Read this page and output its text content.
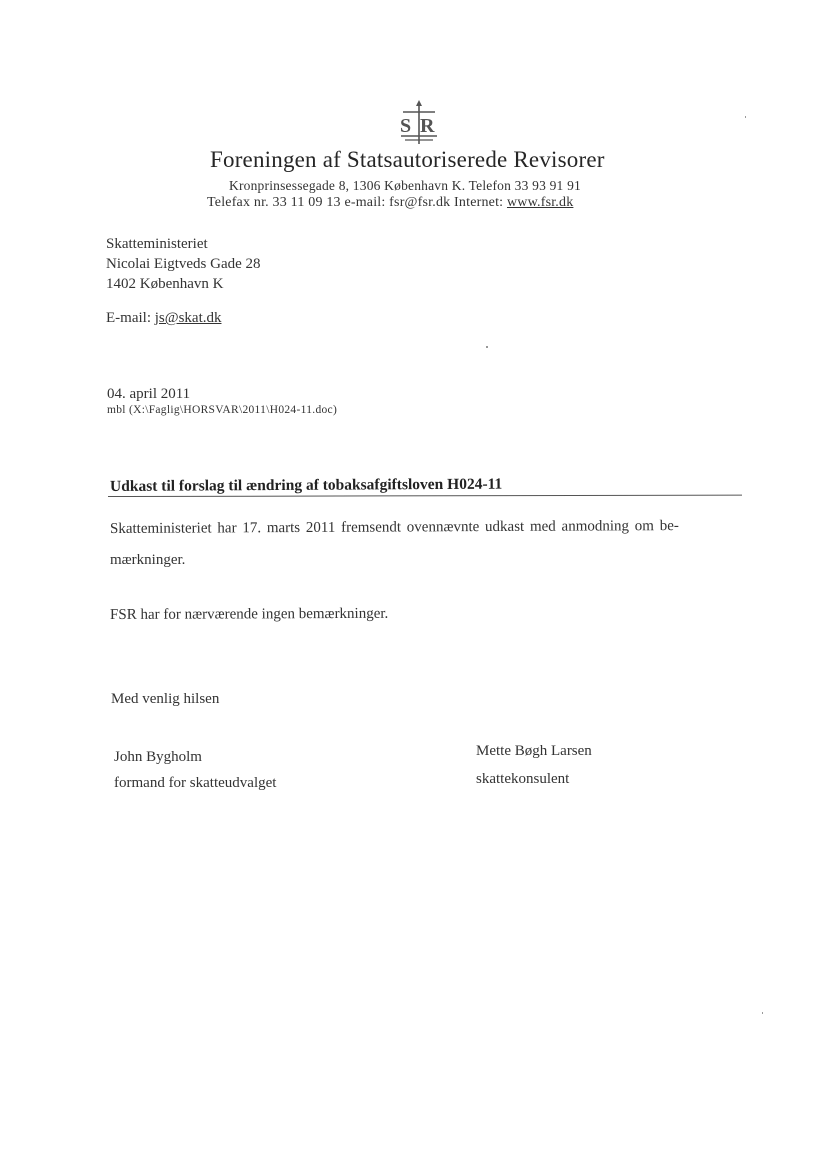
S R
Foreningen af Statsautoriserede Revisorer
Kronprinsessegade 8, 1306 København K. Telefon 33 93 91 91
Telefax nr. 33 11 09 13 e-mail: fsr@fsr.dk Internet: www.fsr.dk
Skatteministeriet
Nicolai Eigtveds Gade 28
1402 København K
E-mail: js@skat.dk
04. april 2011
mbl (X:\Faglig\HORSVAR\2011\H024-11.doc)
Udkast til forslag til ændring af tobaksafgiftsloven H024-11
Skatteministeriet har 17. marts 2011 fremsendt ovennævnte udkast med anmodning om be-
mærkninger.
FSR har for nærværende ingen bemærkninger.
Med venlig hilsen
John Bygholm
formand for skatteudvalget
Mette Bøgh Larsen
skattekonsulent
